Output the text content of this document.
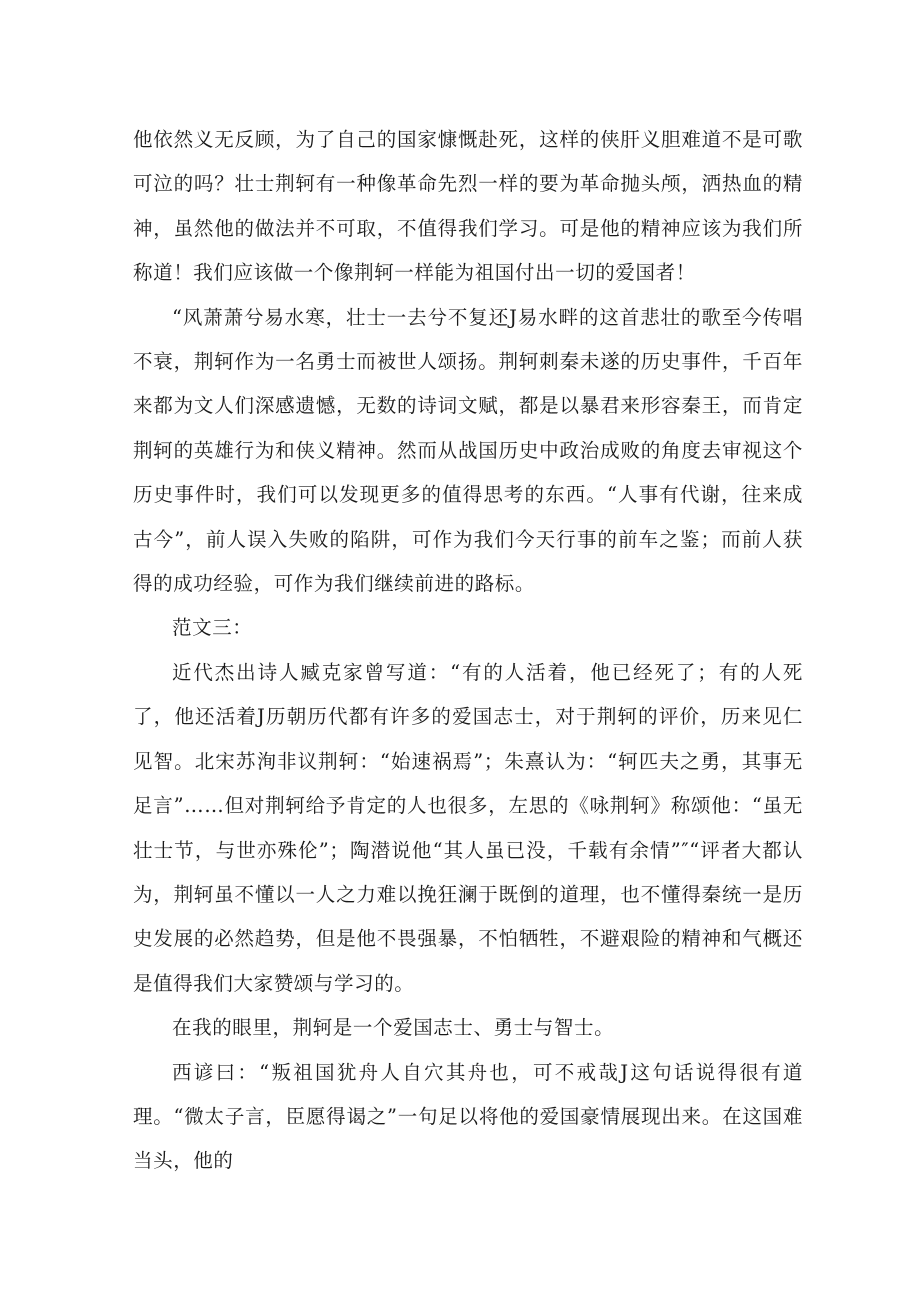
他依然义无反顾，为了自己的国家慷慨赴死，这样的侠肝义胆难道不是可歌可泣的吗？壮士荆轲有一种像革命先烈一样的要为革命抛头颅，洒热血的精神，虽然他的做法并不可取，不值得我们学习。可是他的精神应该为我们所称道！我们应该做一个像荆轲一样能为祖国付出一切的爱国者！

“风萧萧兮易水寒，壮士一去兮不复还J易水畔的这首悲壮的歌至今传唱不衰，荆轲作为一名勇士而被世人颂扬。荆轲刺秦未遂的历史事件，千百年来都为文人们深感遗憾，无数的诗词文赋，都是以暴君来形容秦王，而肯定荆轲的英雄行为和侠义精神。然而从战国历史中政治成败的角度去审视这个历史事件时，我们可以发现更多的值得思考的东西。“人事有代谢，往来成古今”，前人误入失败的陷阱，可作为我们今天行事的前车之鉴；而前人获得的成功经验，可作为我们继续前进的路标。

范文三：

近代杰出诗人臧克家曾写道：“有的人活着，他已经死了；有的人死了，他还活着J历朝历代都有许多的爱国志士，对于荆轲的评价，历来见仁见智。北宋苏洵非议荆轲：“始速祸焉”；朱熹认为：“轲匹夫之勇，其事无足言”……但对荆轲给予肯定的人也很多，左思的《咏荆轲》称颂他：“虽无壮士节，与世亦殊伦”；陶潜说他“其人虽已没，千载有余情”″“评者大都认为，荆轲虽不懂以一人之力难以挽狂澜于既倒的道理，也不懂得秦统一是历史发展的必然趋势，但是他不畏强暴，不怕牺牲，不避艰险的精神和气概还是值得我们大家赞颂与学习的。

在我的眼里，荆轲是一个爱国志士、勇士与智士。

西谚曰：“叛祖国犹舟人自穴其舟也，可不戒哉J这句话说得很有道理。“微太子言，臣愿得谒之”一句足以将他的爱国豪情展现出来。在这国难当头，他的
